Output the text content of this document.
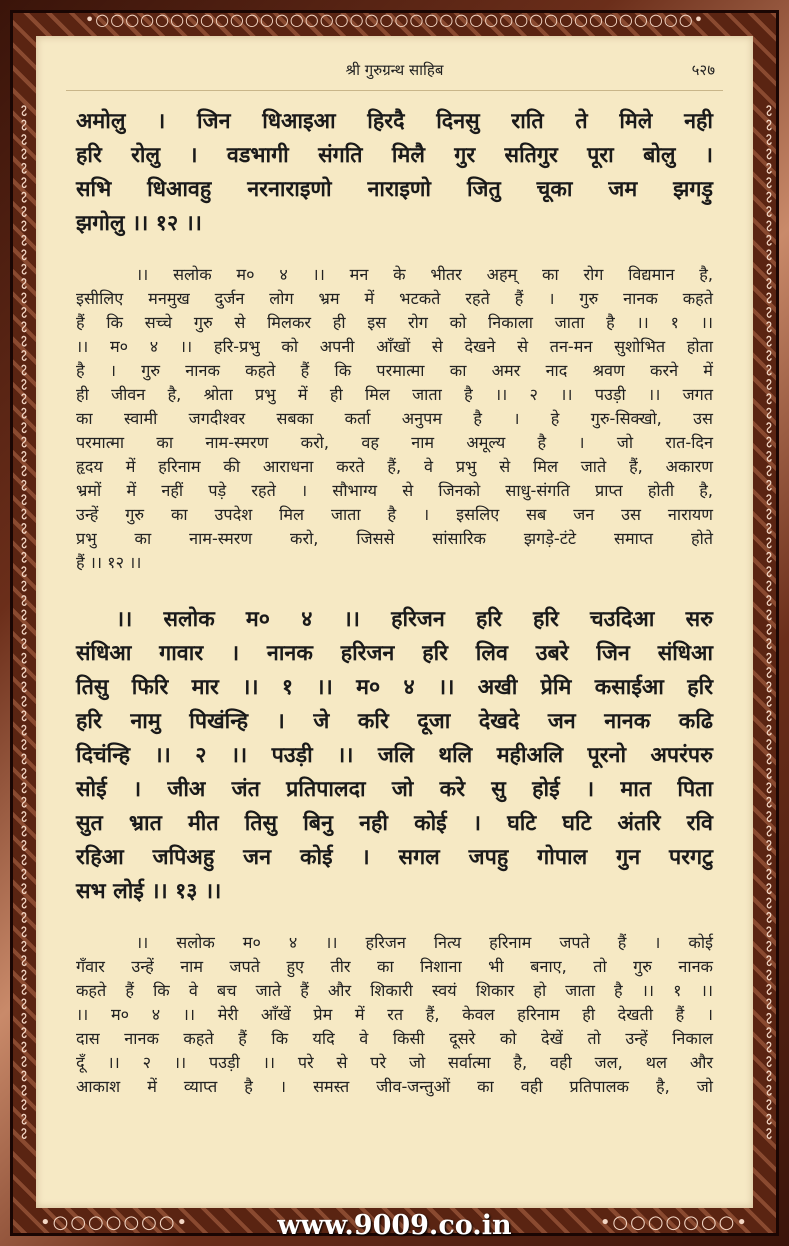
•○○○○○○○○○○○○○○○○○○○○○○○○○○○○○○○○○○○○○○○○•
∾∾∾∾∾∾∾∾∾∾∾∾∾∾∾∾∾∾∾∾∾∾∾∾∾∾∾∾∾∾∾∾∾∾∾∾∾∾∾∾∾∾∾∾∾∾∾∾∾∾∾∾∾∾∾∾∾∾∾∾∾∾∾∾∾∾∾∾∾∾∾∾	∾∾∾∾∾∾∾∾∾∾∾∾∾∾∾∾∾∾∾∾∾∾∾∾∾∾∾∾∾∾∾∾∾∾∾∾∾∾∾∾∾∾∾∾∾∾∾∾∾∾∾∾∾∾∾∾∾∾∾∾∾∾∾∾∾∾∾∾∾∾∾∾
श्री गुरुग्रन्थ साहिब	५२७
अमोलु । जिन धिआइआ हिरदै दिनसु राति ते मिले नही
हरि रोलु । वडभागी संगति मिलै गुर सतिगुर पूरा बोलु ।
सभि धिआवहु नरनाराइणो नाराइणो जितु चूका जम झगड़ु
झगोलु ।। १२ ।।
।। सलोक म० ४ ।। मन के भीतर अहम् का रोग विद्यमान है,
इसीलिए मनमुख दुर्जन लोग भ्रम में भटकते रहते हैं । गुरु नानक कहते
हैं कि सच्चे गुरु से मिलकर ही इस रोग को निकाला जाता है ।। १ ।।
।। म० ४ ।। हरि-प्रभु को अपनी आँखों से देखने से तन-मन सुशोभित होता
है । गुरु नानक कहते हैं कि परमात्मा का अमर नाद श्रवण करने में
ही जीवन है, श्रोता प्रभु में ही मिल जाता है ।। २ ।। पउड़ी ।। जगत
का स्वामी जगदीश्वर सबका कर्ता अनुपम है । हे गुरु-सिक्खो, उस
परमात्मा का नाम-स्मरण करो, वह नाम अमूल्य है । जो रात-दिन
हृदय में हरिनाम की आराधना करते हैं, वे प्रभु से मिल जाते हैं, अकारण
भ्रमों में नहीं पड़े रहते । सौभाग्य से जिनको साधु-संगति प्राप्त होती है,
उन्हें गुरु का उपदेश मिल जाता है । इसलिए सब जन उस नारायण
प्रभु का नाम-स्मरण करो, जिससे सांसारिक झगड़े-टंटे समाप्त होते
हैं ।। १२ ।।
।। सलोक म० ४ ।। हरिजन हरि हरि चउदिआ सरु
संधिआ गावार । नानक हरिजन हरि लिव उबरे जिन संधिआ
तिसु फिरि मार ।। १ ।। म० ४ ।। अखी प्रेमि कसाईआ हरि
हरि नामु पिखंन्हि । जे करि दूजा देखदे जन नानक कढि
दिचंन्हि ।। २ ।। पउड़ी ।। जलि थलि महीअलि पूरनो अपरंपरु
सोई । जीअ जंत प्रतिपालदा जो करे सु होई । मात पिता
सुत भ्रात मीत तिसु बिनु नही कोई । घटि घटि अंतरि रवि
रहिआ जपिअहु जन कोई । सगल जपहु गोपाल गुन परगटु
सभ लोई ।। १३ ।।
।। सलोक म० ४ ।। हरिजन नित्य हरिनाम जपते हैं । कोई
गँवार उन्हें नाम जपते हुए तीर का निशाना भी बनाए, तो गुरु नानक
कहते हैं कि वे बच जाते हैं और शिकारी स्वयं शिकार हो जाता है ।। १ ।।
।। म० ४ ।। मेरी आँखें प्रेम में रत हैं, केवल हरिनाम ही देखती हैं ।
दास नानक कहते हैं कि यदि वे किसी दूसरे को देखें तो उन्हें निकाल
दूँ ।। २ ।। पउड़ी ।। परे से परे जो सर्वात्मा है, वही जल, थल और
आकाश में व्याप्त है । समस्त जीव-जन्तुओं का वही प्रतिपालक है, जो
•○○○○○○○•	•○○○○○○○•
www.9009.co.in
